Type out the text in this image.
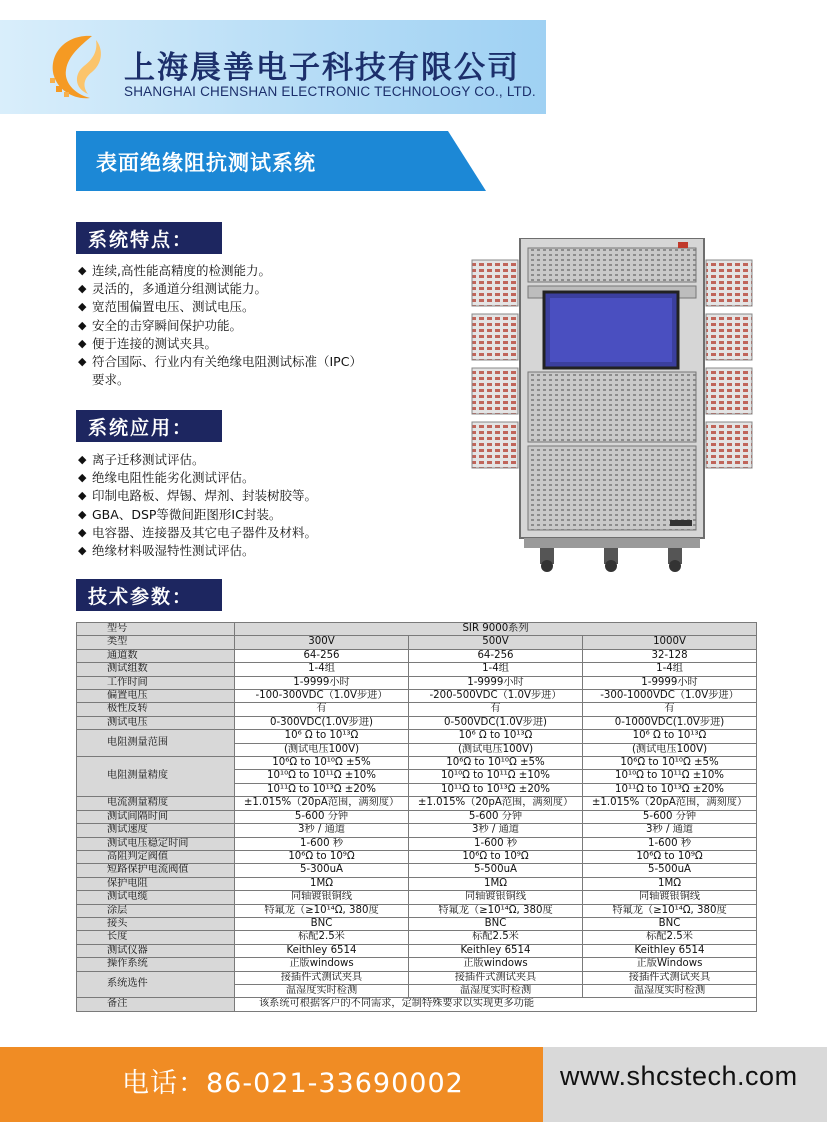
上海晨善电子科技有限公司
SHANGHAI CHENSHAN ELECTRONIC TECHNOLOGY CO., LTD.
表面绝缘阻抗测试系统
系统特点：
◆ 连续,高性能高精度的检测能力。
◆ 灵活的，多通道分组测试能力。
◆ 宽范围偏置电压、测试电压。
◆ 安全的击穿瞬间保护功能。
◆ 便于连接的测试夹具。
◆ 符合国际、行业内有关绝缘电阻测试标准（IPC）
要求。
系统应用：
◆ 离子迁移测试评估。
◆ 绝缘电阻性能劣化测试评估。
◆ 印制电路板、焊锡、焊剂、封装树胶等。
◆ GBA、DSP等微间距图形IC封装。
◆ 电容器、连接器及其它电子器件及材料。
◆ 绝缘材料吸湿特性测试评估。
技术参数：
型号	SIR 9000系列		
类型	300V	500V	1000V
通道数	64-256	64-256	32-128
测试组数	1-4组	1-4组	1-4组
工作时间	1-9999小时	1-9999小时	1-9999小时
偏置电压	-100-300VDC（1.0V步进）	-200-500VDC（1.0V步进）	-300-1000VDC（1.0V步进）
极性反转	有	有	有
测试电压	0-300VDC(1.0V步进)	0-500VDC(1.0V步进)	0-1000VDC(1.0V步进)
电阻测量范围	10⁶ Ω to 10¹³Ω	10⁶ Ω to 10¹³Ω	10⁶ Ω to 10¹³Ω
	(测试电压100V)	(测试电压100V)	(测试电压100V)
电阻测量精度	10⁶Ω to 10¹⁰Ω ±5%	10⁶Ω to 10¹⁰Ω ±5%	10⁶Ω to 10¹⁰Ω ±5%
	10¹⁰Ω to 10¹¹Ω ±10%	10¹⁰Ω to 10¹¹Ω ±10%	10¹⁰Ω to 10¹¹Ω ±10%
	10¹¹Ω to 10¹³Ω ±20%	10¹¹Ω to 10¹³Ω ±20%	10¹¹Ω to 10¹³Ω ±20%
电流测量精度	±1.015%（20pA范围，满刻度）	±1.015%（20pA范围，满刻度）	±1.015%（20pA范围，满刻度）
测试间隔时间	5-600 分钟	5-600 分钟	5-600 分钟
测试速度	3秒 / 通道	3秒 / 通道	3秒 / 通道
测试电压稳定时间	1-600 秒	1-600 秒	1-600 秒
高阻判定阀值	10⁶Ω to 10⁹Ω	10⁶Ω to 10⁹Ω	10⁶Ω to 10⁹Ω
短路保护电流阀值	5-300uA	5-500uA	5-500uA
保护电阻	1MΩ	1MΩ	1MΩ
测试电缆	同轴镀银铜线	同轴镀银铜线	同轴镀银铜线
涂层	特氟龙（≥10¹⁴Ω, 380度	特氟龙（≥10¹⁴Ω, 380度	特氟龙（≥10¹⁴Ω, 380度
接头	BNC	BNC	BNC
长度	标配2.5米	标配2.5米	标配2.5米
测试仪器	Keithley 6514	Keithley 6514	Keithley 6514
操作系统	正版windows	正版windows	正版Windows
系统选件	接插件式测试夹具	接插件式测试夹具	接插件式测试夹具
	温湿度实时检测	温湿度实时检测	温湿度实时检测
备注	该系统可根据客户的不同需求，定制特殊要求以实现更多功能		
电话：86-021-33690002	www.shcstech.com
